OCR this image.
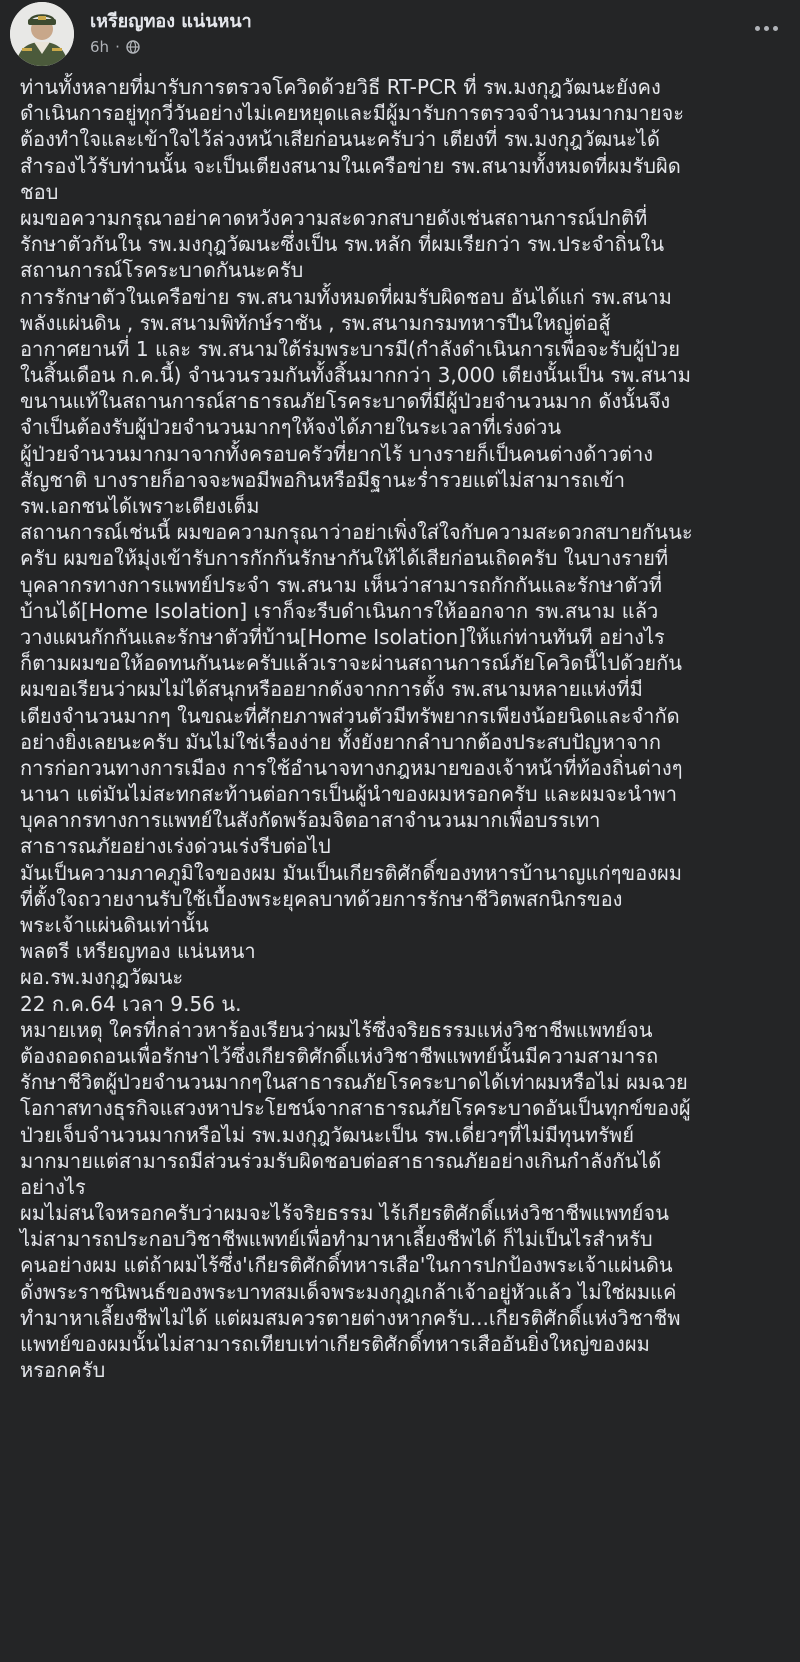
เหรียญทอง แน่นหนา
6h ·
ท่านทั้งหลายที่มารับการตรวจโควิดด้วยวิธี RT-PCR ที่ รพ.มงกุฎวัฒนะยังคง
ดำเนินการอยู่ทุกวี่วันอย่างไม่เคยหยุดและมีผู้มารับการตรวจจำนวนมากมายจะ
ต้องทำใจและเข้าใจไว้ล่วงหน้าเสียก่อนนะครับว่า เตียงที่ รพ.มงกุฎวัฒนะได้
สำรองไว้รับท่านนั้น จะเป็นเตียงสนามในเครือข่าย รพ.สนามทั้งหมดที่ผมรับผิด
ชอบ
ผมขอความกรุณาอย่าคาดหวังความสะดวกสบายดังเช่นสถานการณ์ปกติที่
รักษาตัวกันใน รพ.มงกุฎวัฒนะซึ่งเป็น รพ.หลัก ที่ผมเรียกว่า รพ.ประจำถิ่นใน
สถานการณ์โรคระบาดกันนะครับ
การรักษาตัวในเครือข่าย รพ.สนามทั้งหมดที่ผมรับผิดชอบ อันได้แก่ รพ.สนาม
พลังแผ่นดิน , รพ.สนามพิทักษ์ราชัน , รพ.สนามกรมทหารปืนใหญ่ต่อสู้
อากาศยานที่ 1 และ รพ.สนามใต้ร่มพระบารมี(กำลังดำเนินการเพื่อจะรับผู้ป่วย
ในสิ้นเดือน ก.ค.นี้) จำนวนรวมกันทั้งสิ้นมากกว่า 3,000 เตียงนั้นเป็น รพ.สนาม
ขนานแท้ในสถานการณ์สาธารณภัยโรคระบาดที่มีผู้ป่วยจำนวนมาก ดังนั้นจึง
จำเป็นต้องรับผู้ป่วยจำนวนมากๆให้จงได้ภายในระเวลาที่เร่งด่วน
ผู้ป่วยจำนวนมากมาจากทั้งครอบครัวที่ยากไร้ บางรายก็เป็นคนต่างด้าวต่าง
สัญชาติ บางรายก็อาจจะพอมีพอกินหรือมีฐานะร่ำรวยแต่ไม่สามารถเข้า
รพ.เอกชนได้เพราะเตียงเต็ม
สถานการณ์เช่นนี้ ผมขอความกรุณาว่าอย่าเพิ่งใส่ใจกับความสะดวกสบายกันนะ
ครับ ผมขอให้มุ่งเข้ารับการกักกันรักษากันให้ได้เสียก่อนเถิดครับ ในบางรายที่
บุคลากรทางการแพทย์ประจำ รพ.สนาม เห็นว่าสามารถกักกันและรักษาตัวที่
บ้านได้[Home Isolation] เราก็จะรีบดำเนินการให้ออกจาก รพ.สนาม แล้ว
วางแผนกักกันและรักษาตัวที่บ้าน[Home Isolation]ให้แก่ท่านทันที อย่างไร
ก็ตามผมขอให้อดทนกันนะครับแล้วเราจะผ่านสถานการณ์ภัยโควิดนี้ไปด้วยกัน
ผมขอเรียนว่าผมไม่ได้สนุกหรืออยากดังจากการตั้ง รพ.สนามหลายแห่งที่มี
เตียงจำนวนมากๆ ในขณะที่ศักยภาพส่วนตัวมีทรัพยากรเพียงน้อยนิดและจำกัด
อย่างยิ่งเลยนะครับ มันไม่ใช่เรื่องง่าย ทั้งยังยากลำบากต้องประสบปัญหาจาก
การก่อกวนทางการเมือง การใช้อำนาจทางกฎหมายของเจ้าหน้าที่ท้องถิ่นต่างๆ
นานา แต่มันไม่สะทกสะท้านต่อการเป็นผู้นำของผมหรอกครับ และผมจะนำพา
บุคลากรทางการแพทย์ในสังกัดพร้อมจิตอาสาจำนวนมากเพื่อบรรเทา
สาธารณภัยอย่างเร่งด่วนเร่งรีบต่อไป
มันเป็นความภาคภูมิใจของผม มันเป็นเกียรติศักดิ์ของทหารบ้านาญแก่ๆของผม
ที่ตั้งใจถวายงานรับใช้เบื้องพระยุคลบาทด้วยการรักษาชีวิตพสกนิกรของ
พระเจ้าแผ่นดินเท่านั้น
พลตรี เหรียญทอง แน่นหนา
ผอ.รพ.มงกุฎวัฒนะ
22 ก.ค.64 เวลา 9.56 น.
หมายเหตุ ใครที่กล่าวหาร้องเรียนว่าผมไร้ซึ่งจริยธรรมแห่งวิชาชีพแพทย์จน
ต้องถอดถอนเพื่อรักษาไว้ซึ่งเกียรติศักดิ์แห่งวิชาชีพแพทย์นั้นมีความสามารถ
รักษาชีวิตผู้ป่วยจำนวนมากๆในสาธารณภัยโรคระบาดได้เท่าผมหรือไม่ ผมฉวย
โอกาสทางธุรกิจแสวงหาประโยชน์จากสาธารณภัยโรคระบาดอันเป็นทุกข์ของผู้
ป่วยเจ็บจำนวนมากหรือไม่ รพ.มงกุฎวัฒนะเป็น รพ.เดี่ยวๆที่ไม่มีทุนทรัพย์
มากมายแต่สามารถมีส่วนร่วมรับผิดชอบต่อสาธารณภัยอย่างเกินกำลังกันได้
อย่างไร
ผมไม่สนใจหรอกครับว่าผมจะไร้จริยธรรม ไร้เกียรติศักดิ์แห่งวิชาชีพแพทย์จน
ไม่สามารถประกอบวิชาชีพแพทย์เพื่อทำมาหาเลี้ยงชีพได้ ก็ไม่เป็นไรสำหรับ
คนอย่างผม แต่ถ้าผมไร้ซึ่ง'เกียรติศักดิ์ทหารเสือ'ในการปกป้องพระเจ้าแผ่นดิน
ดั่งพระราชนิพนธ์ของพระบาทสมเด็จพระมงกุฎเกล้าเจ้าอยู่หัวแล้ว ไม่ใช่ผมแค่
ทำมาหาเลี้ยงชีพไม่ได้ แต่ผมสมควรตายต่างหากครับ...เกียรติศักดิ์แห่งวิชาชีพ
แพทย์ของผมนั้นไม่สามารถเทียบเท่าเกียรติศักดิ์ทหารเสืออันยิ่งใหญ่ของผม
หรอกครับ
